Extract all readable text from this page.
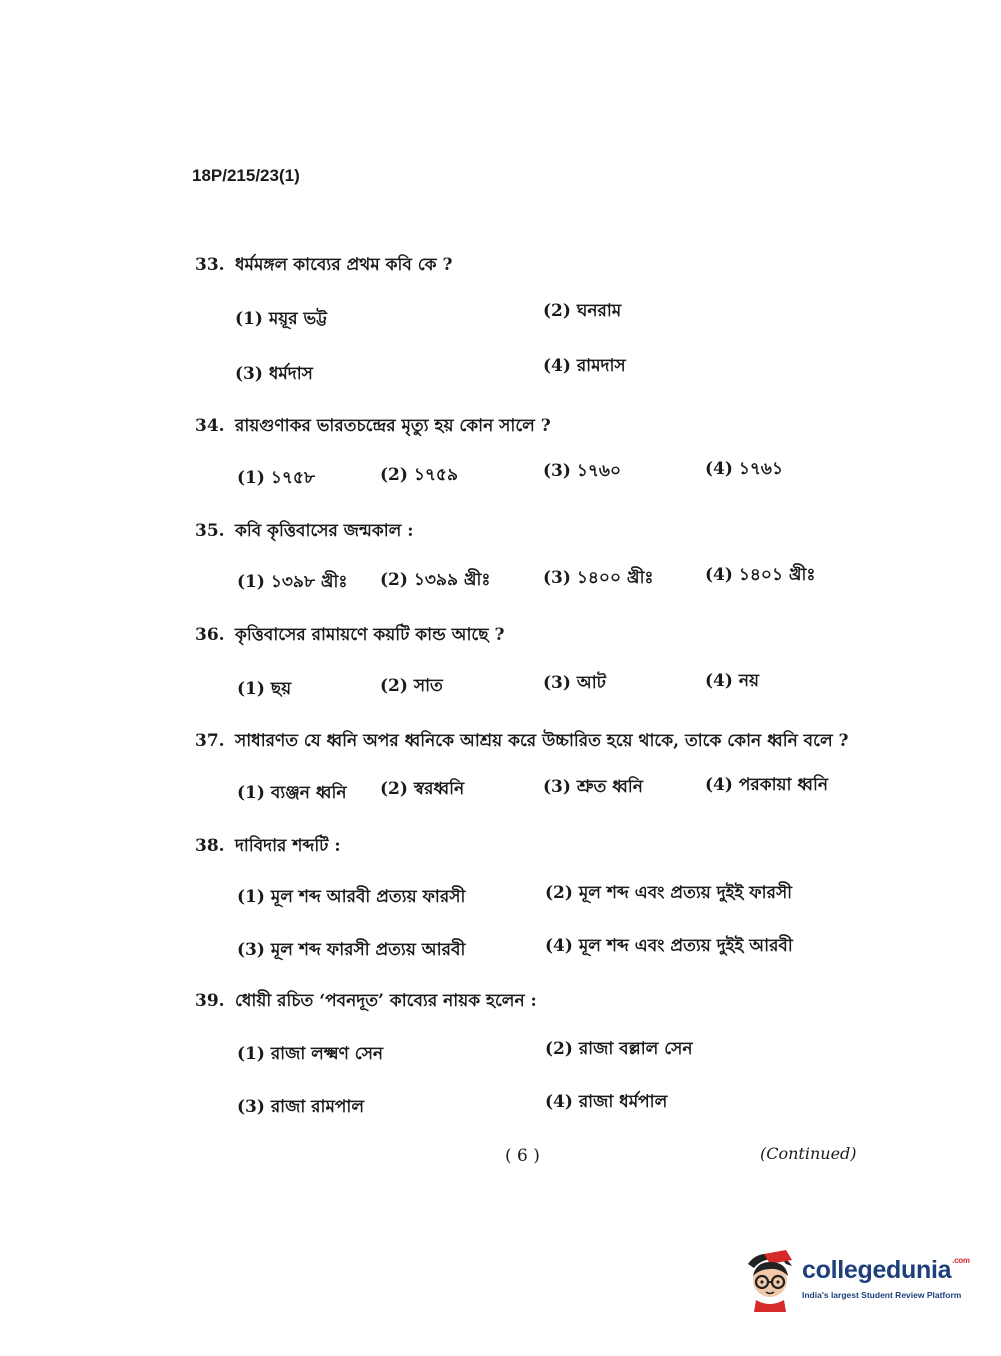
18P/215/23(1)
33. ধর্মমঙ্গল কাব্যের প্রথম কবি কে ?
(1) ময়ূর ভট্ট	(2) ঘনরাম
(3) ধর্মদাস	(4) রামদাস
34. রায়গুণাকর ভারতচন্দ্রের মৃত্যু হয় কোন সালে ?
(1) ১৭৫৮	(2) ১৭৫৯	(3) ১৭৬০	(4) ১৭৬১
35. কবি কৃত্তিবাসের জন্মকাল :
(1) ১৩৯৮ খ্রীঃ (2) ১৩৯৯ খ্রীঃ	(3) ১৪০০ খ্রীঃ	(4) ১৪০১ খ্রীঃ
36. কৃত্তিবাসের রামায়ণে কয়টি কান্ড আছে ?
(1) ছয়	(2) সাত	(3) আট	(4) নয়
37. সাধারণত যে ধ্বনি অপর ধ্বনিকে আশ্রয় করে উচ্চারিত হয়ে থাকে, তাকে কোন ধ্বনি বলে ?
(1) ব্যঞ্জন ধ্বনি (2) স্বরধ্বনি	(3) শ্রুত ধ্বনি	(4) পরকায়া ধ্বনি
38. দাবিদার শব্দটি :
(1) মূল শব্দ আরবী প্রত্যয় ফারসী	(2) মূল শব্দ এবং প্রত্যয় দুইই ফারসী
(3) মূল শব্দ ফারসী প্রত্যয় আরবী	(4) মূল শব্দ এবং প্রত্যয় দুইই আরবী
39. ধোয়ী রচিত ‘পবনদূত’ কাব্যের নায়ক হলেন :
(1) রাজা লক্ষ্মণ সেন	(2) রাজা বল্লাল সেন
(3) রাজা রামপাল	(4) রাজা ধর্মপাল
( 6 )	(Continued)
collegedunia$^{.com}$
India's largest Student Review Platform
